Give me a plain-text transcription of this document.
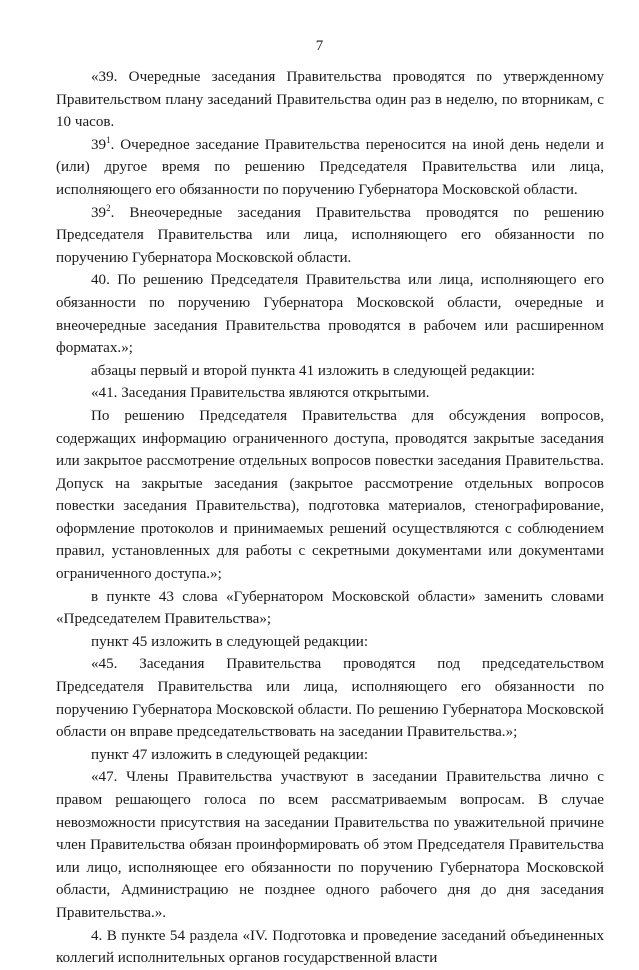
7

«39. Очередные заседания Правительства проводятся по утвержденному Правительством плану заседаний Правительства один раз в неделю, по вторникам, с 10 часов.

$39^1$. Очередное заседание Правительства переносится на иной день недели и (или) другое время по решению Председателя Правительства или лица, исполняющего его обязанности по поручению Губернатора Московской области.

$39^2$. Внеочередные заседания Правительства проводятся по решению Председателя Правительства или лица, исполняющего его обязанности по поручению Губернатора Московской области.

40. По решению Председателя Правительства или лица, исполняющего его обязанности по поручению Губернатора Московской области, очередные и внеочередные заседания Правительства проводятся в рабочем или расширенном форматах.»;

абзацы первый и второй пункта 41 изложить в следующей редакции:

«41. Заседания Правительства являются открытыми.

По решению Председателя Правительства для обсуждения вопросов, содержащих информацию ограниченного доступа, проводятся закрытые заседания или закрытое рассмотрение отдельных вопросов повестки заседания Правительства. Допуск на закрытые заседания (закрытое рассмотрение отдельных вопросов повестки заседания Правительства), подготовка материалов, стенографирование, оформление протоколов и принимаемых решений осуществляются с соблюдением правил, установленных для работы с секретными документами или документами ограниченного доступа.»;

в пункте 43 слова «Губернатором Московской области» заменить словами «Председателем Правительства»;

пункт 45 изложить в следующей редакции:

«45. Заседания Правительства проводятся под председательством Председателя Правительства или лица, исполняющего его обязанности по поручению Губернатора Московской области. По решению Губернатора Московской области он вправе председательствовать на заседании Правительства.»;

пункт 47 изложить в следующей редакции:

«47. Члены Правительства участвуют в заседании Правительства лично с правом решающего голоса по всем рассматриваемым вопросам. В случае невозможности присутствия на заседании Правительства по уважительной причине член Правительства обязан проинформировать об этом Председателя Правительства или лицо, исполняющее его обязанности по поручению Губернатора Московской области, Администрацию не позднее одного рабочего дня до дня заседания Правительства.».

4. В пункте 54 раздела «IV. Подготовка и проведение заседаний объединенных коллегий исполнительных органов государственной власти
